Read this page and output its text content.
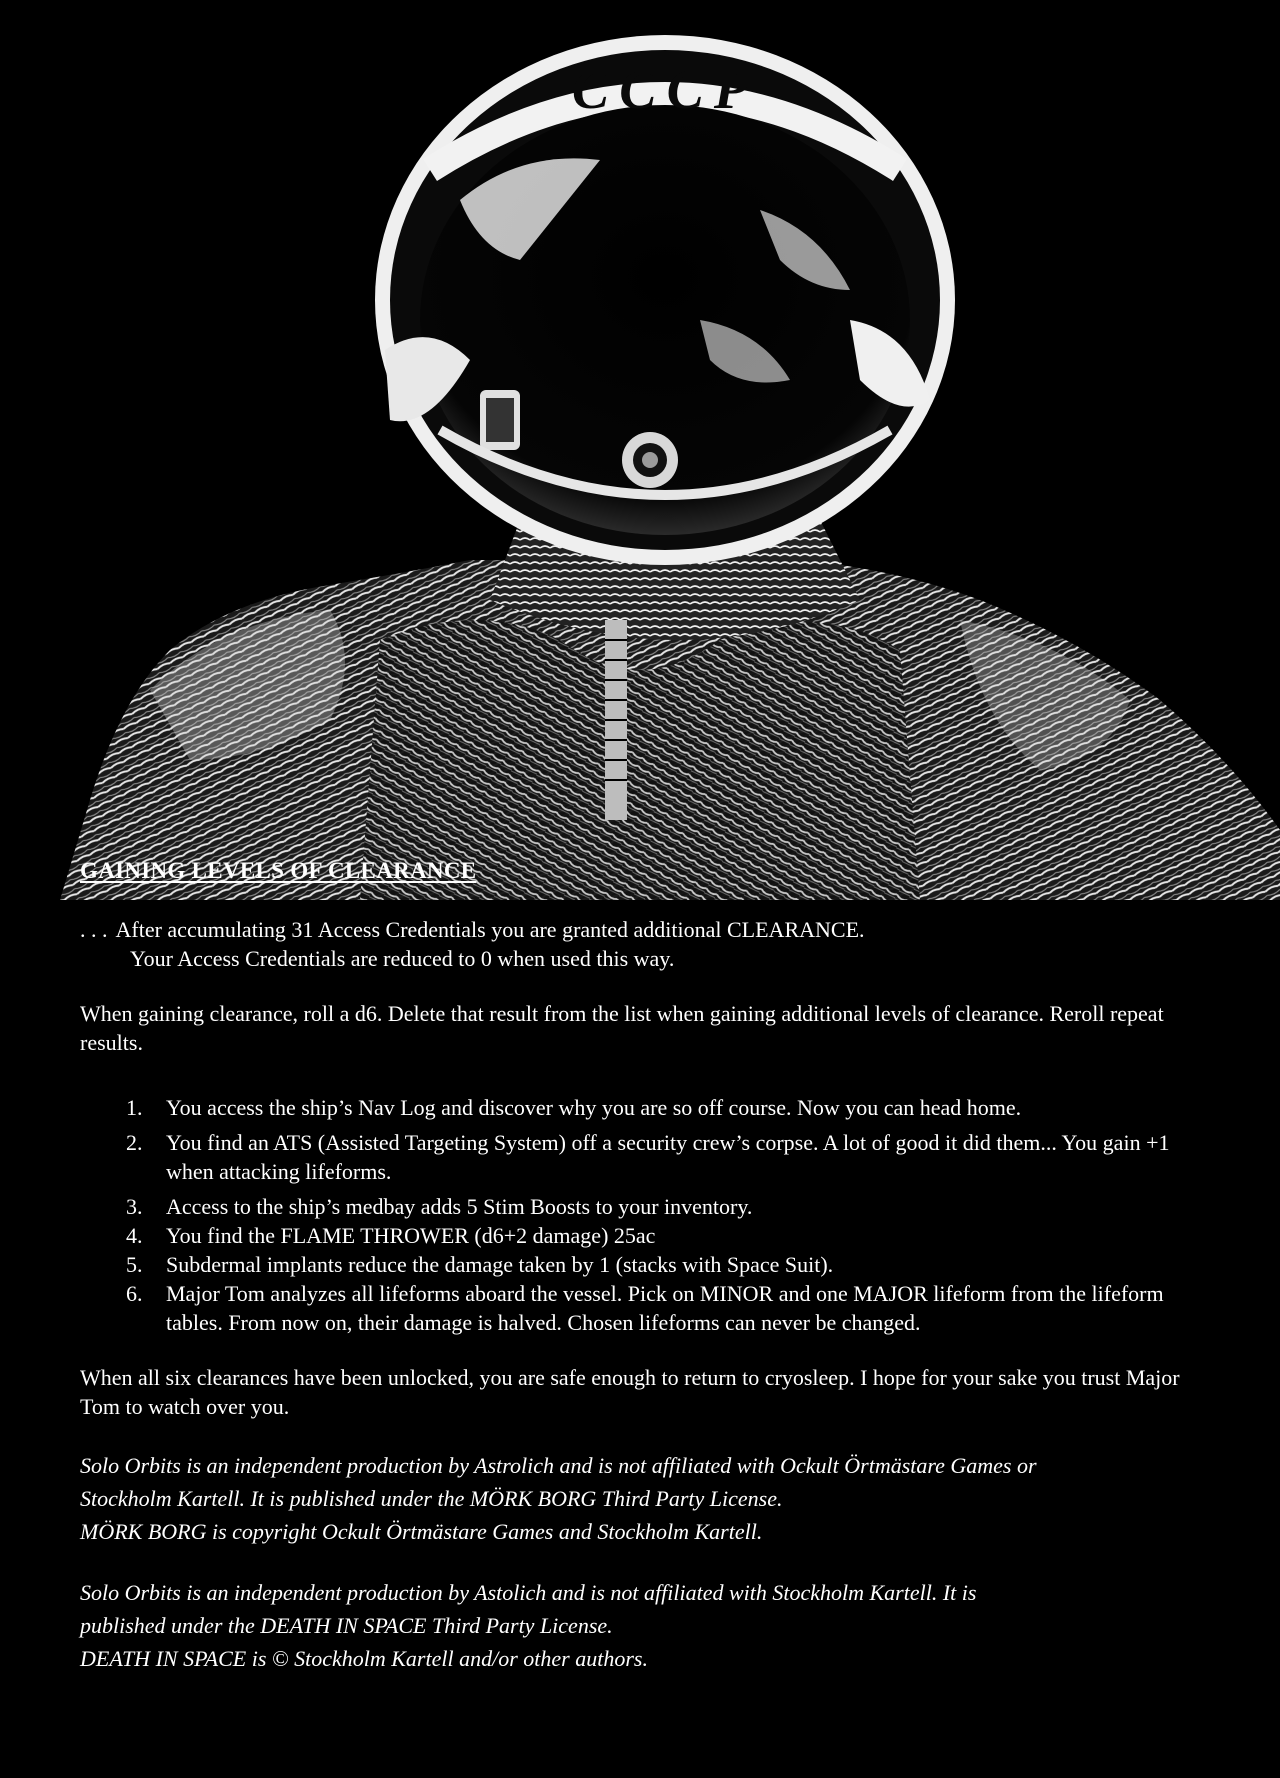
CCCP
GAINING LEVELS OF CLEARANCE
. . . After accumulating 31 Access Credentials you are granted additional CLEARANCE.
Your Access Credentials are reduced to 0 when used this way.

When gaining clearance, roll a d6. Delete that result from the list when gaining additional levels of clearance. Reroll repeat results.

1. You access the ship’s Nav Log and discover why you are so off course. Now you can head home.
2. You find an ATS (Assisted Targeting System) off a security crew’s corpse. A lot of good it did them... You gain +1 when attacking lifeforms.
3. Access to the ship’s medbay adds 5 Stim Boosts to your inventory.
4. You find the FLAME THROWER (d6+2 damage) 25ac
5. Subdermal implants reduce the damage taken by 1 (stacks with Space Suit).
6. Major Tom analyzes all lifeforms aboard the vessel. Pick on MINOR and one MAJOR lifeform from the lifeform tables. From now on, their damage is halved. Chosen lifeforms can never be changed.

When all six clearances have been unlocked, you are safe enough to return to cryosleep. I hope for your sake you trust Major Tom to watch over you.

Solo Orbits is an independent production by Astrolich and is not affiliated with Ockult Örtmästare Games or

Stockholm Kartell. It is published under the MÖRK BORG Third Party License.

MÖRK BORG is copyright Ockult Örtmästare Games and Stockholm Kartell.

Solo Orbits is an independent production by Astolich and is not affiliated with Stockholm Kartell. It is

published under the DEATH IN SPACE Third Party License.

DEATH IN SPACE is © Stockholm Kartell and/or other authors.
